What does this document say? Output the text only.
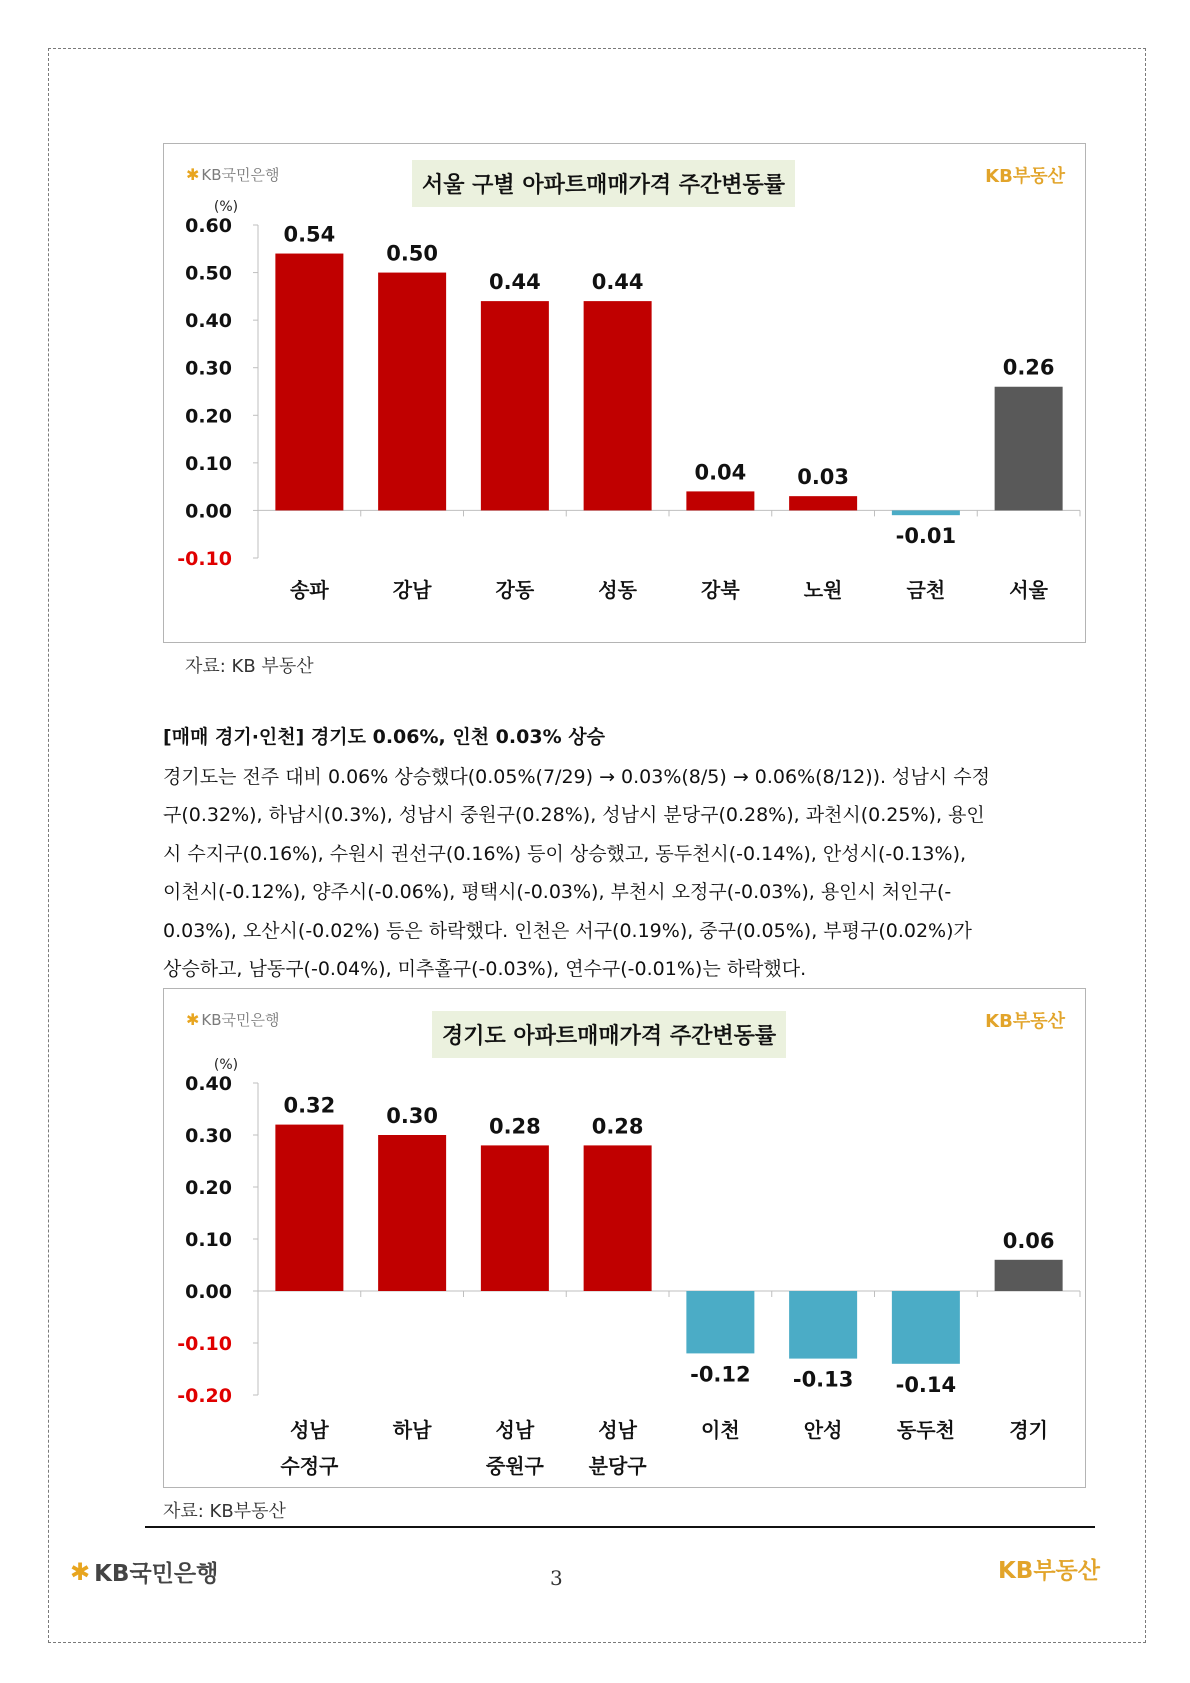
✱ KB국민은행	KB부동산
서울 구별 아파트매매가격 주간변동률
(%)
-0.10
0.00
0.10
0.20
0.30
0.40
0.50
0.60 0.54
송파
0.50
강남
0.44
강동
0.44
성동
0.04
강북
0.03
노원
-0.01
금천
0.26
서울
자료: KB 부동산
[매매 경기·인천] 경기도 0.06%, 인천 0.03% 상승
경기도는 전주 대비 0.06% 상승했다(0.05%(7/29) → 0.03%(8/5) → 0.06%(8/12)). 성남시 수정
구(0.32%), 하남시(0.3%), 성남시 중원구(0.28%), 성남시 분당구(0.28%), 과천시(0.25%), 용인
시 수지구(0.16%), 수원시 권선구(0.16%) 등이 상승했고, 동두천시(-0.14%), 안성시(-0.13%),
이천시(-0.12%), 양주시(-0.06%), 평택시(-0.03%), 부천시 오정구(-0.03%), 용인시 처인구(-
0.03%), 오산시(-0.02%) 등은 하락했다. 인천은 서구(0.19%), 중구(0.05%), 부평구(0.02%)가
상승하고, 남동구(-0.04%), 미추홀구(-0.03%), 연수구(-0.01%)는 하락했다.
✱ KB국민은행	KB부동산
경기도 아파트매매가격 주간변동률
(%)
-0.20
-0.10
0.00
0.10
0.20
0.30
0.40
0.32
성남
수정구
0.30
하남
0.28
성남
중원구
0.28
성남
분당구
-0.12
이천
-0.13
안성
-0.14
동두천
0.06
경기
자료: KB부동산
✱ KB국민은행	3	KB부동산
